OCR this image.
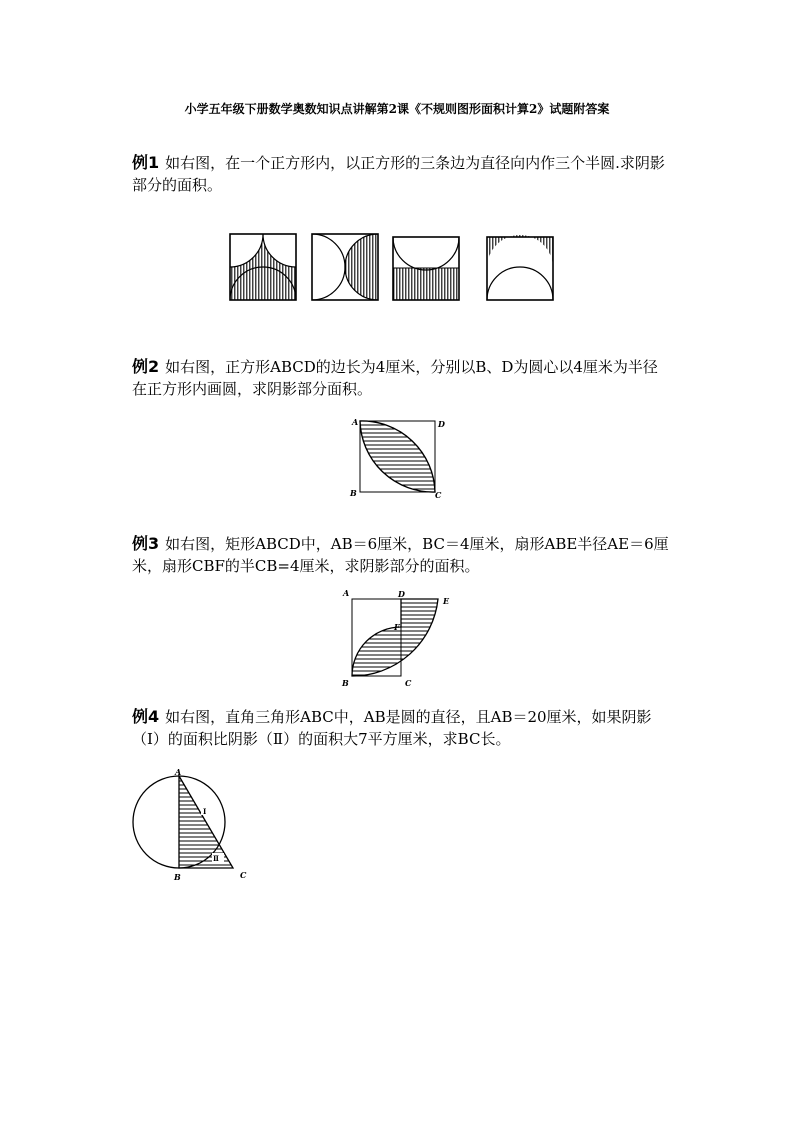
小学五年级下册数学奥数知识点讲解第2课《不规则图形面积计算2》试题附答案
例1 如右图，在一个正方形内，以正方形的三条边为直径向内作三个半圆.求阴影部分的面积。
例2 如右图，正方形ABCD的边长为4厘米，分别以B、D为圆心以4厘米为半径在正方形内画圆，求阴影部分面积。
A	D
B	C
例3 如右图，矩形ABCD中，AB＝6厘米，BC＝4厘米，扇形ABE半径AE＝6厘米，扇形CBF的半CB=4厘米，求阴影部分的面积。
A	D
E
F
B	C
例4 如右图，直角三角形ABC中，AB是圆的直径，且AB＝20厘米，如果阴影（Ⅰ）的面积比阴影（Ⅱ）的面积大7平方厘米，求BC长。
Ⅰ
Ⅱ
A
B	C
